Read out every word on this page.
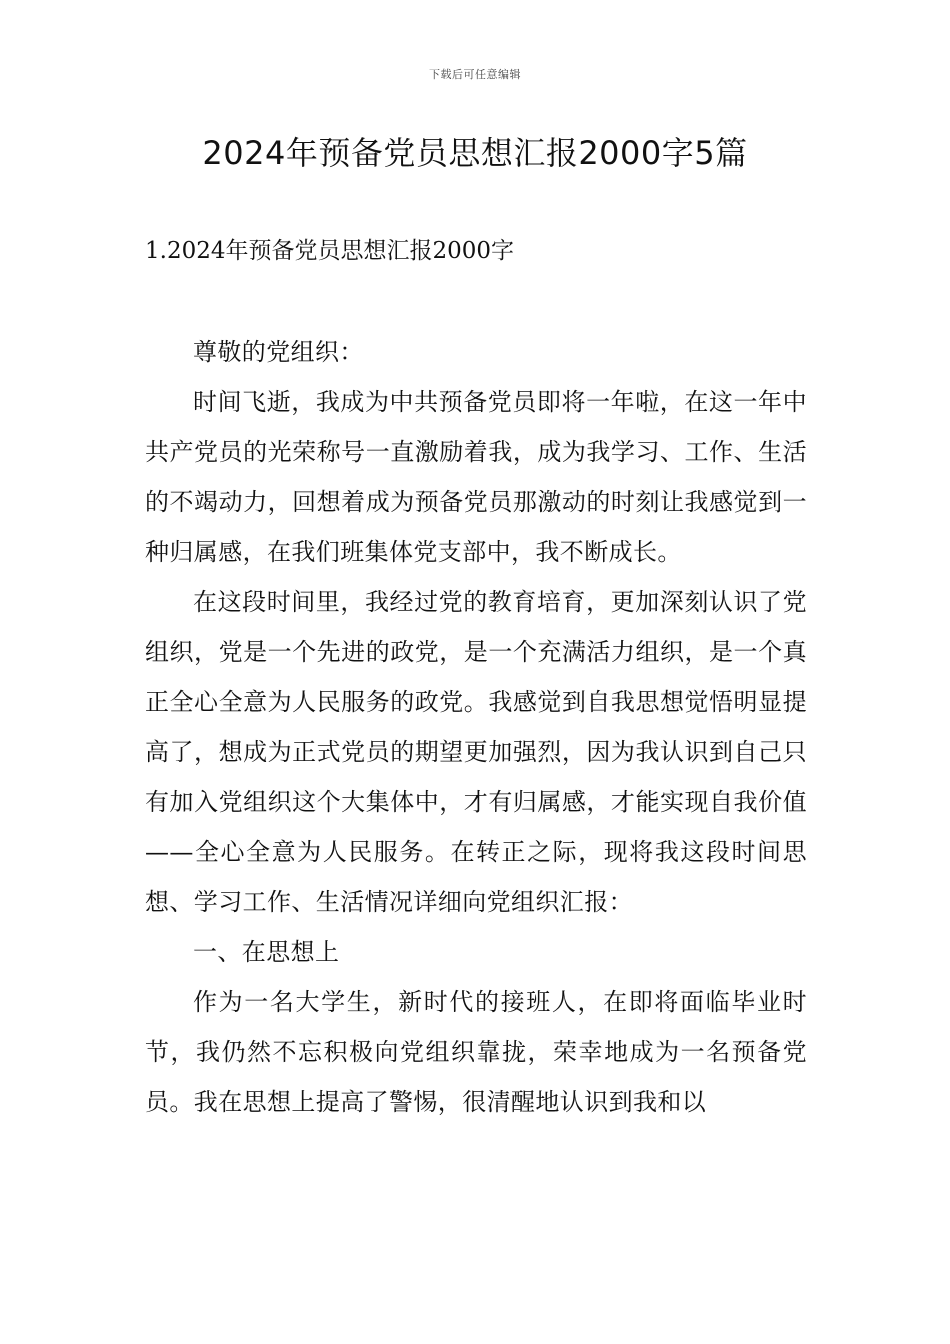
下载后可任意编辑
2024年预备党员思想汇报2000字5篇
1.2024年预备党员思想汇报2000字

尊敬的党组织：

时间飞逝，我成为中共预备党员即将一年啦，在这一年中共产党员的光荣称号一直激励着我，成为我学习、工作、生活的不竭动力，回想着成为预备党员那激动的时刻让我感觉到一种归属感，在我们班集体党支部中，我不断成长。

在这段时间里，我经过党的教育培育，更加深刻认识了党组织，党是一个先进的政党，是一个充满活力组织，是一个真正全心全意为人民服务的政党。我感觉到自我思想觉悟明显提高了，想成为正式党员的期望更加强烈，因为我认识到自己只有加入党组织这个大集体中，才有归属感，才能实现自我价值——全心全意为人民服务。在转正之际，现将我这段时间思想、学习工作、生活情况详细向党组织汇报：

一、在思想上

作为一名大学生，新时代的接班人，在即将面临毕业时节，我仍然不忘积极向党组织靠拢，荣幸地成为一名预备党员。我在思想上提高了警惕，很清醒地认识到我和以
